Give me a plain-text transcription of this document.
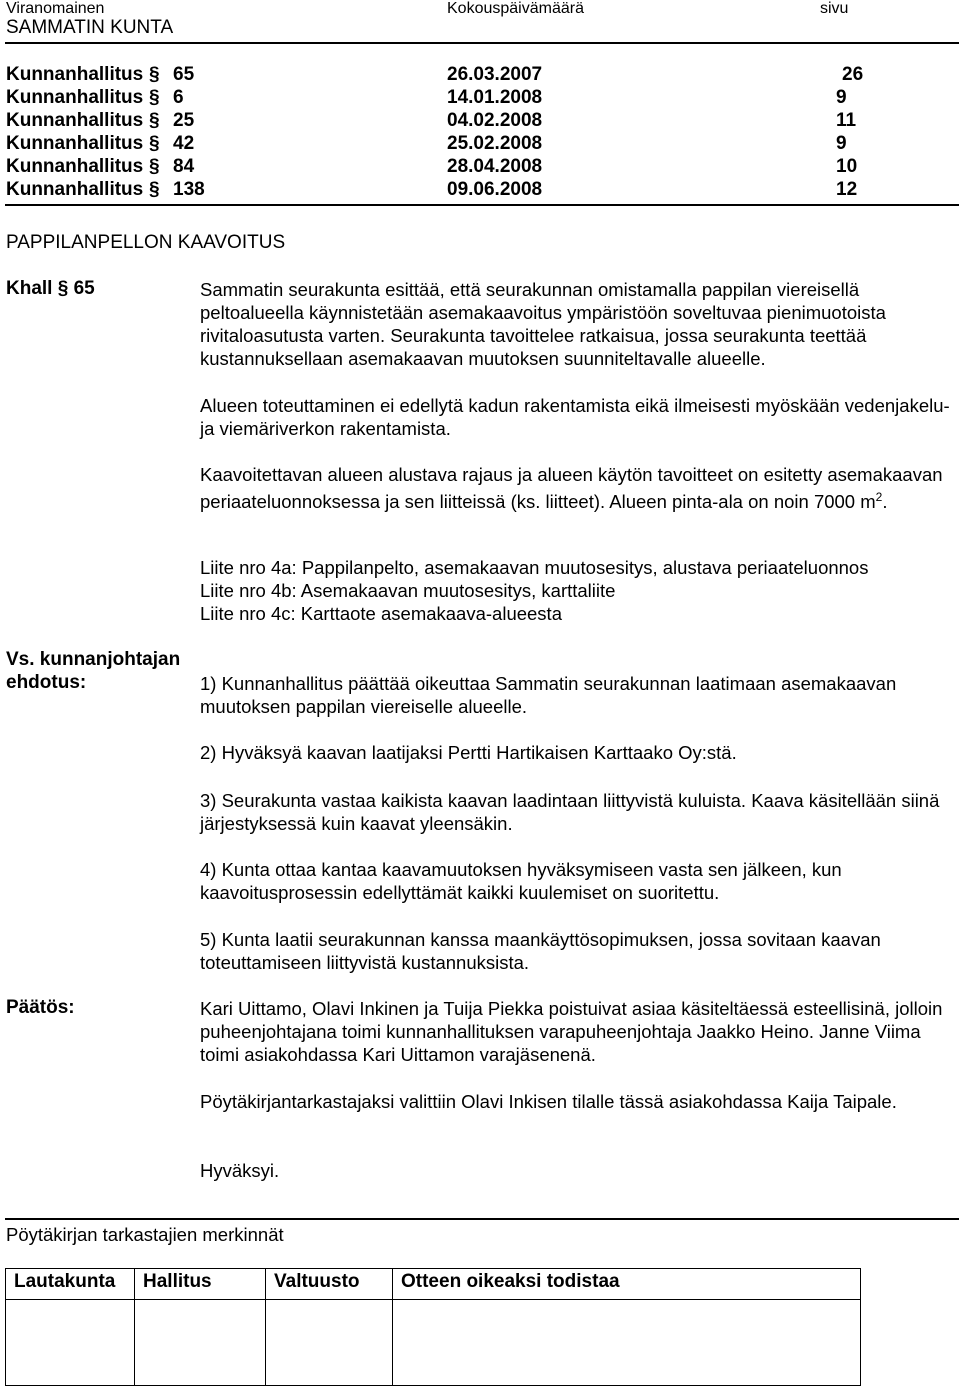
Viranomainen	Kokouspäivämäärä	sivu
SAMMATIN KUNTA
Kunnanhallitus § 65	26.03.2007	26
Kunnanhallitus § 6	14.01.2008	9
Kunnanhallitus § 25	04.02.2008	11
Kunnanhallitus § 42	25.02.2008	9
Kunnanhallitus § 84	28.04.2008	10
Kunnanhallitus § 138	09.06.2008	12
PAPPILANPELLON KAAVOITUS
Khall § 65	Sammatin seurakunta esittää, että seurakunnan omistamalla pappilan viereisellä peltoalueella käynnistetään asemakaavoitus ympäristöön soveltuvaa pienimuotoista rivitaloasutusta varten. Seurakunta tavoittelee ratkaisua, jossa seurakunta teettää kustannuksellaan asemakaavan muutoksen suunniteltavalle alueelle.
Alueen toteuttaminen ei edellytä kadun rakentamista eikä ilmeisesti myöskään vedenjakelu- ja viemäriverkon rakentamista.
Kaavoitettavan alueen alustava rajaus ja alueen käytön tavoitteet on esitetty asemakaavan periaateluonnoksessa ja sen liitteissä (ks. liitteet). Alueen pinta-ala on noin 7000 $m^2$.

Liite nro 4a: Pappilanpelto, asemakaavan muutosesitys, alustava periaateluonnos

Liite nro 4b: Asemakaavan muutosesitys, karttaliite

Liite nro 4c: Karttaote asemakaava-alueesta

Vs. kunnanjohtajan
ehdotus:	1) Kunnanhallitus päättää oikeuttaa Sammatin seurakunnan laatimaan asemakaavan muutoksen pappilan viereiselle alueelle.
2) Hyväksyä kaavan laatijaksi Pertti Hartikaisen Karttaako Oy:stä.
3) Seurakunta vastaa kaikista kaavan laadintaan liittyvistä kuluista. Kaava käsitellään siinä järjestyksessä kuin kaavat yleensäkin.
4) Kunta ottaa kantaa kaavamuutoksen hyväksymiseen vasta sen jälkeen, kun kaavoitusprosessin edellyttämät kaikki kuulemiset on suoritettu.
5) Kunta laatii seurakunnan kanssa maankäyttösopimuksen, jossa sovitaan kaavan toteuttamiseen liittyvistä kustannuksista.
Päätös:	Kari Uittamo, Olavi Inkinen ja Tuija Piekka poistuivat asiaa käsiteltäessä esteellisinä, jolloin puheenjohtajana toimi kunnanhallituksen varapuheenjohtaja Jaakko Heino. Janne Viima toimi asiakohdassa Kari Uittamon varajäsenenä.
Pöytäkirjantarkastajaksi valittiin Olavi Inkisen tilalle tässä asiakohdassa Kaija Taipale.
Hyväksyi.
Pöytäkirjan tarkastajien merkinnät
Lautakunta	Hallitus	Valtuusto	Otteen oikeaksi todistaa
